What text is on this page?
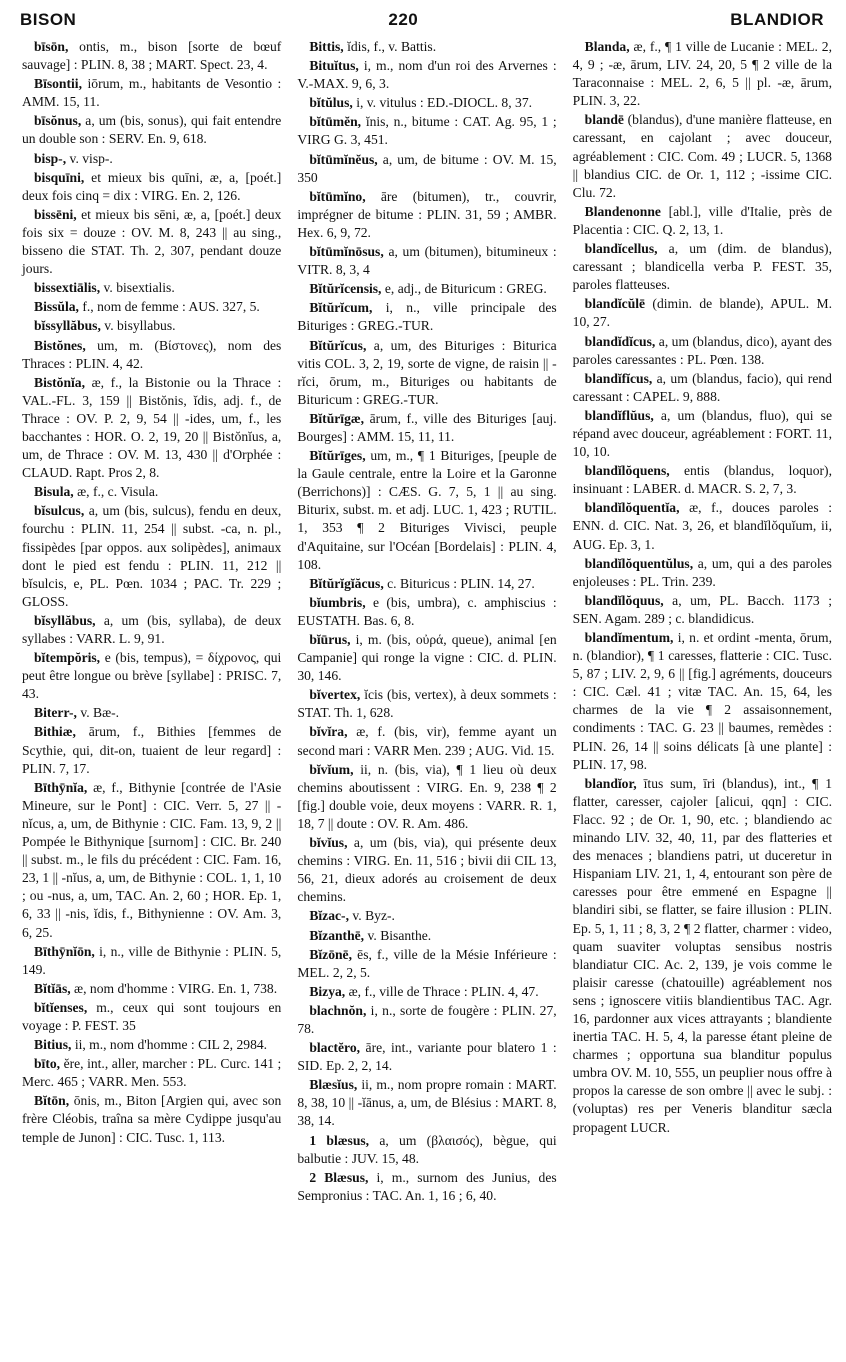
BISON	220	BLANDIOR

bīsōn, ontis, m., bison [sorte de bœuf sauvage] : PLIN. 8, 38 ; MART. Spect. 23, 4.

Bīsontii, iōrum, m., habitants de Vesontio : AMM. 15, 11.

bīsŏnus, a, um (bis, sonus), qui fait entendre un double son : SERV. En. 9, 618.

bisp-, v. visp-.

bisquīni, et mieux bis quīni, æ, a, [poét.] deux fois cinq = dix : VIRG. En. 2, 126.

bissēni, et mieux bis sēni, æ, a, [poét.] deux fois six = douze : OV. M. 8, 243 || au sing., bisseno die STAT. Th. 2, 307, pendant douze jours.

bissextiālis, v. bisextialis.

Bissŭla, f., nom de femme : AUS. 327, 5.

bĭssyllăbus, v. bisyllabus.

Bistŏnes, um, m. (Βίστονες), nom des Thraces : PLIN. 4, 42.

Bistŏnĭa, æ, f., la Bistonie ou la Thrace : VAL.-FL. 3, 159 || Bistŏnis, ĭdis, adj. f., de Thrace : OV. P. 2, 9, 54 || -ides, um, f., les bacchantes : HOR. O. 2, 19, 20 || Bistŏnĭus, a, um, de Thrace : OV. M. 13, 430 || d'Orphée : CLAUD. Rapt. Pros 2, 8.

Bisula, æ, f., c. Visula.

bĭsulcus, a, um (bis, sulcus), fendu en deux, fourchu : PLIN. 11, 254 || subst. -ca, n. pl., fissipèdes [par oppos. aux solipèdes], animaux dont le pied est fendu : PLIN. 11, 212 || bĭsulcis, e, PL. Pœn. 1034 ; PAC. Tr. 229 ; GLOSS.

bĭsyllăbus, a, um (bis, syllaba), de deux syllabes : VARR. L. 9, 91.

bĭtempŏris, e (bis, tempus), = δίχρονος, qui peut être longue ou brève [syllabe] : PRISC. 7, 43.

Biterr-, v. Bæ-.

Bithiæ, ārum, f., Bithies [femmes de Scythie, qui, dit-on, tuaient de leur regard] : PLIN. 7, 17.

Bīthȳnĭa, æ, f., Bithynie [contrée de l'Asie Mineure, sur le Pont] : CIC. Verr. 5, 27 || -nĭcus, a, um, de Bithynie : CIC. Fam. 13, 9, 2 || Pompée le Bithynique [surnom] : CIC. Br. 240 || subst. m., le fils du précédent : CIC. Fam. 16, 23, 1 || -nĭus, a, um, de Bithynie : COL. 1, 1, 10 ; ou -nus, a, um, TAC. An. 2, 60 ; HOR. Ep. 1, 6, 33 || -nis, ĭdis, f., Bithynienne : OV. Am. 3, 6, 25.

Bīthȳnĭōn, i, n., ville de Bithynie : PLIN. 5, 149.

Bĭtĭās, æ, nom d'homme : VIRG. En. 1, 738.

bĭtĭenses, m., ceux qui sont toujours en voyage : P. FEST. 35

Bitius, ii, m., nom d'homme : CIL 2, 2984.

bīto, ĕre, int., aller, marcher : PL. Curc. 141 ; Merc. 465 ; VARR. Men. 553.

Bĭtōn, ōnis, m., Biton [Argien qui, avec son frère Cléobis, traîna sa mère Cydippe jusqu'au temple de Junon] : CIC. Tusc. 1, 113.

Bittis, ĭdis, f., v. Battis.

Bituĭtus, i, m., nom d'un roi des Arvernes : V.-MAX. 9, 6, 3.

bĭtŭlus, i, v. vitulus : ED.-DIOCL. 8, 37.

bĭtūmĕn, ĭnis, n., bitume : CAT. Ag. 95, 1 ; VIRG G. 3, 451.

bĭtūmĭnĕus, a, um, de bitume : OV. M. 15, 350

bĭtūmĭno, āre (bitumen), tr., couvrir, imprégner de bitume : PLIN. 31, 59 ; AMBR. Hex. 6, 9, 72.

bĭtūmĭnōsus, a, um (bitumen), bitumineux : VITR. 8, 3, 4

Bĭtŭrĭcensis, e, adj., de Bituricum : GREG.

Bĭtŭrĭcum, i, n., ville principale des Bituriges : GREG.-TUR.

Bĭtŭrĭcus, a, um, des Bituriges : Biturica vitis COL. 3, 2, 19, sorte de vigne, de raisin || -rĭci, ōrum, m., Bituriges ou habitants de Bituricum : GREG.-TUR.

Bĭtŭrīgæ, ārum, f., ville des Bituriges [auj. Bourges] : AMM. 15, 11, 11.

Bĭtŭrīges, um, m., ¶ 1 Bituriges, [peuple de la Gaule centrale, entre la Loire et la Garonne (Berrichons)] : CÆS. G. 7, 5, 1 || au sing. Biturix, subst. m. et adj. LUC. 1, 423 ; RUTIL. 1, 353 ¶ 2 Bituriges Vivisci, peuple d'Aquitaine, sur l'Océan [Bordelais] : PLIN. 4, 108.

Bĭtŭrĭgĭăcus, c. Bituricus : PLIN. 14, 27.

bĭumbris, e (bis, umbra), c. amphiscius : EUSTATH. Bas. 6, 8.

bĭūrus, i, m. (bis, οὐρά, queue), animal [en Campanie] qui ronge la vigne : CIC. d. PLIN. 30, 146.

bĭvertex, ĭcis (bis, vertex), à deux sommets : STAT. Th. 1, 628.

bĭvĭra, æ, f. (bis, vir), femme ayant un second mari : VARR Men. 239 ; AUG. Vid. 15.

bĭvĭum, ii, n. (bis, via), ¶ 1 lieu où deux chemins aboutissent : VIRG. En. 9, 238 ¶ 2 [fig.] double voie, deux moyens : VARR. R. 1, 18, 7 || doute : OV. R. Am. 486.

bĭvĭus, a, um (bis, via), qui présente deux chemins : VIRG. En. 11, 516 ; bivii dii CIL 13, 56, 21, dieux adorés au croisement de deux chemins.

Bĭzac-, v. Byz-.

Bĭzanthē, v. Bisanthe.

Bĭzōnē, ēs, f., ville de la Mésie Inférieure : MEL. 2, 2, 5.

Bizya, æ, f., ville de Thrace : PLIN. 4, 47.

blachnŏn, i, n., sorte de fougère : PLIN. 27, 78.

blactĕro, āre, int., variante pour blatero 1 : SID. Ep. 2, 2, 14.

Blæsĭus, ii, m., nom propre romain : MART. 8, 38, 10 || -ĭānus, a, um, de Blésius : MART. 8, 38, 14.

1 blæsus, a, um (βλαισός), bègue, qui balbutie : JUV. 15, 48.

2 Blæsus, i, m., surnom des Junius, des Sempronius : TAC. An. 1, 16 ; 6, 40.

Blanda, æ, f., ¶ 1 ville de Lucanie : MEL. 2, 4, 9 ; -æ, ārum, LIV. 24, 20, 5 ¶ 2 ville de la Taraconnaise : MEL. 2, 6, 5 || pl. -æ, ārum, PLIN. 3, 22.

blandē (blandus), d'une manière flatteuse, en caressant, en cajolant ; avec douceur, agréablement : CIC. Com. 49 ; LUCR. 5, 1368 || blandius CIC. de Or. 1, 112 ; -issime CIC. Clu. 72.

Blandenonne [abl.], ville d'Italie, près de Placentia : CIC. Q. 2, 13, 1.

blandĭcellus, a, um (dim. de blandus), caressant ; blandicella verba P. FEST. 35, paroles flatteuses.

blandĭcŭlē (dimin. de blande), APUL. M. 10, 27.

blandĭdĭcus, a, um (blandus, dico), ayant des paroles caressantes : PL. Pœn. 138.

blandĭfĭcus, a, um (blandus, facio), qui rend caressant : CAPEL. 9, 888.

blandĭflŭus, a, um (blandus, fluo), qui se répand avec douceur, agréablement : FORT. 11, 10, 10.

blandĭlŏquens, entis (blandus, loquor), insinuant : LABER. d. MACR. S. 2, 7, 3.

blandĭlŏquentĭa, æ, f., douces paroles : ENN. d. CIC. Nat. 3, 26, et blandĭlŏquĭum, ii, AUG. Ep. 3, 1.

blandĭlŏquentŭlus, a, um, qui a des paroles enjoleuses : PL. Trin. 239.

blandĭlŏquus, a, um, PL. Bacch. 1173 ; SEN. Agam. 289 ; c. blandidicus.

blandĭmentum, i, n. et ordint -menta, ōrum, n. (blandior), ¶ 1 caresses, flatterie : CIC. Tusc. 5, 87 ; LIV. 2, 9, 6 || [fig.] agréments, douceurs : CIC. Cæl. 41 ; vitæ TAC. An. 15, 64, les charmes de la vie ¶ 2 assaisonnement, condiments : TAC. G. 23 || baumes, remèdes : PLIN. 26, 14 || soins délicats [à une plante] : PLIN. 17, 98.

blandĭor, ītus sum, īri (blandus), int., ¶ 1 flatter, caresser, cajoler [alicui, qqn] : CIC. Flacc. 92 ; de Or. 1, 90, etc. ; blandiendo ac minando LIV. 32, 40, 11, par des flatteries et des menaces ; blandiens patri, ut duceretur in Hispaniam LIV. 21, 1, 4, entourant son père de caresses pour être emmené en Espagne || blandiri sibi, se flatter, se faire illusion : PLIN. Ep. 5, 1, 11 ; 8, 3, 2 ¶ 2 flatter, charmer : video, quam suaviter voluptas sensibus nostris blandiatur CIC. Ac. 2, 139, je vois comme le plaisir caresse (chatouille) agréablement nos sens ; ignoscere vitiis blandientibus TAC. Agr. 16, pardonner aux vices attrayants ; blandiente inertia TAC. H. 5, 4, la paresse étant pleine de charmes ; opportuna sua blanditur populus umbra OV. M. 10, 555, un peuplier nous offre à propos la caresse de son ombre || avec le subj. : (voluptas) res per Veneris blanditur sæcla propagent LUCR.
